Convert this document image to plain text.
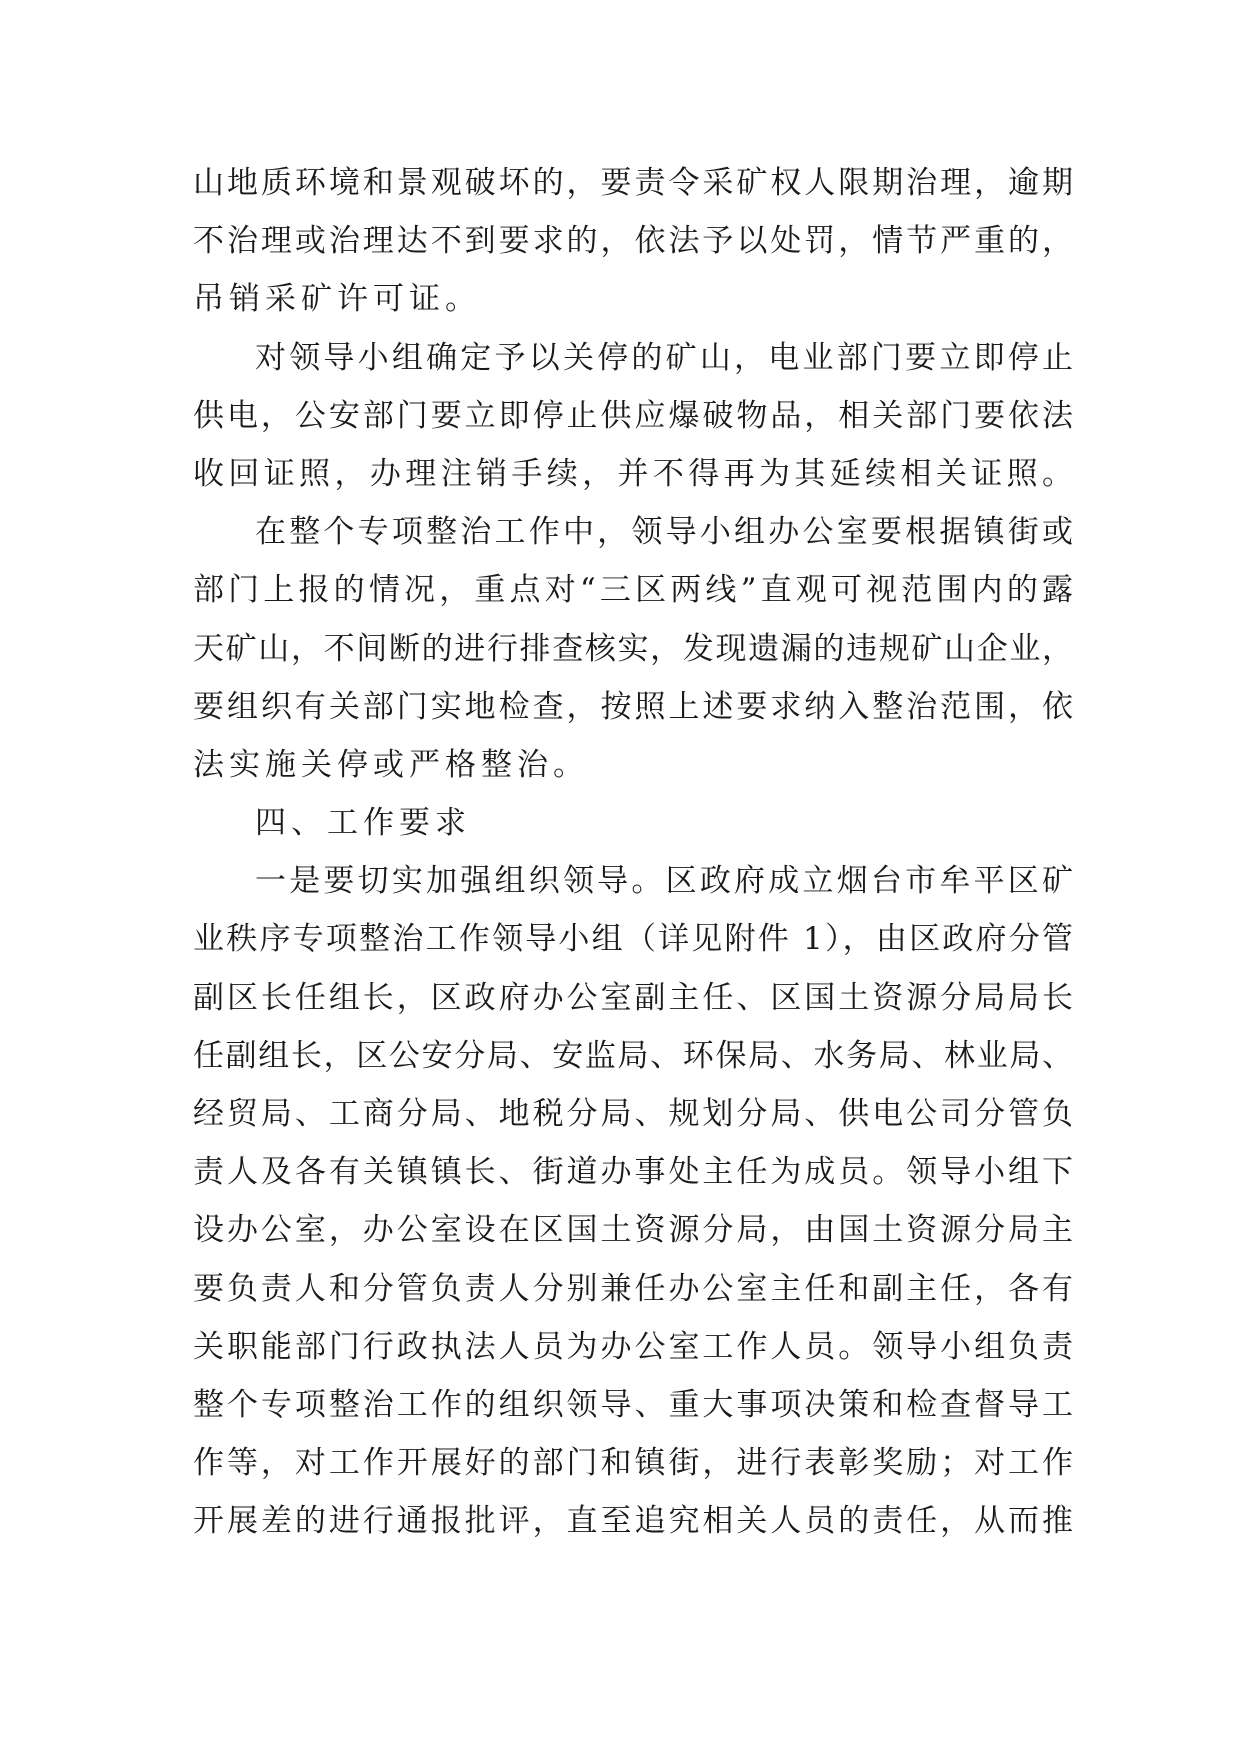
山地质环境和景观破坏的，要责令采矿权人限期治理，逾期
不治理或治理达不到要求的，依法予以处罚，情节严重的，
吊销采矿许可证。
对领导小组确定予以关停的矿山，电业部门要立即停止
供电，公安部门要立即停止供应爆破物品，相关部门要依法
收回证照，办理注销手续，并不得再为其延续相关证照。
在整个专项整治工作中，领导小组办公室要根据镇街或
部门上报的情况，重点对“三区两线”直观可视范围内的露
天矿山，不间断的进行排查核实，发现遗漏的违规矿山企业，
要组织有关部门实地检查，按照上述要求纳入整治范围，依
法实施关停或严格整治。
四、工作要求
一是要切实加强组织领导。区政府成立烟台市牟平区矿
业秩序专项整治工作领导小组（详见附件 1），由区政府分管
副区长任组长，区政府办公室副主任、区国土资源分局局长
任副组长，区公安分局、安监局、环保局、水务局、林业局、
经贸局、工商分局、地税分局、规划分局、供电公司分管负
责人及各有关镇镇长、街道办事处主任为成员。领导小组下
设办公室，办公室设在区国土资源分局，由国土资源分局主
要负责人和分管负责人分别兼任办公室主任和副主任，各有
关职能部门行政执法人员为办公室工作人员。领导小组负责
整个专项整治工作的组织领导、重大事项决策和检查督导工
作等，对工作开展好的部门和镇街，进行表彰奖励；对工作
开展差的进行通报批评，直至追究相关人员的责任，从而推
